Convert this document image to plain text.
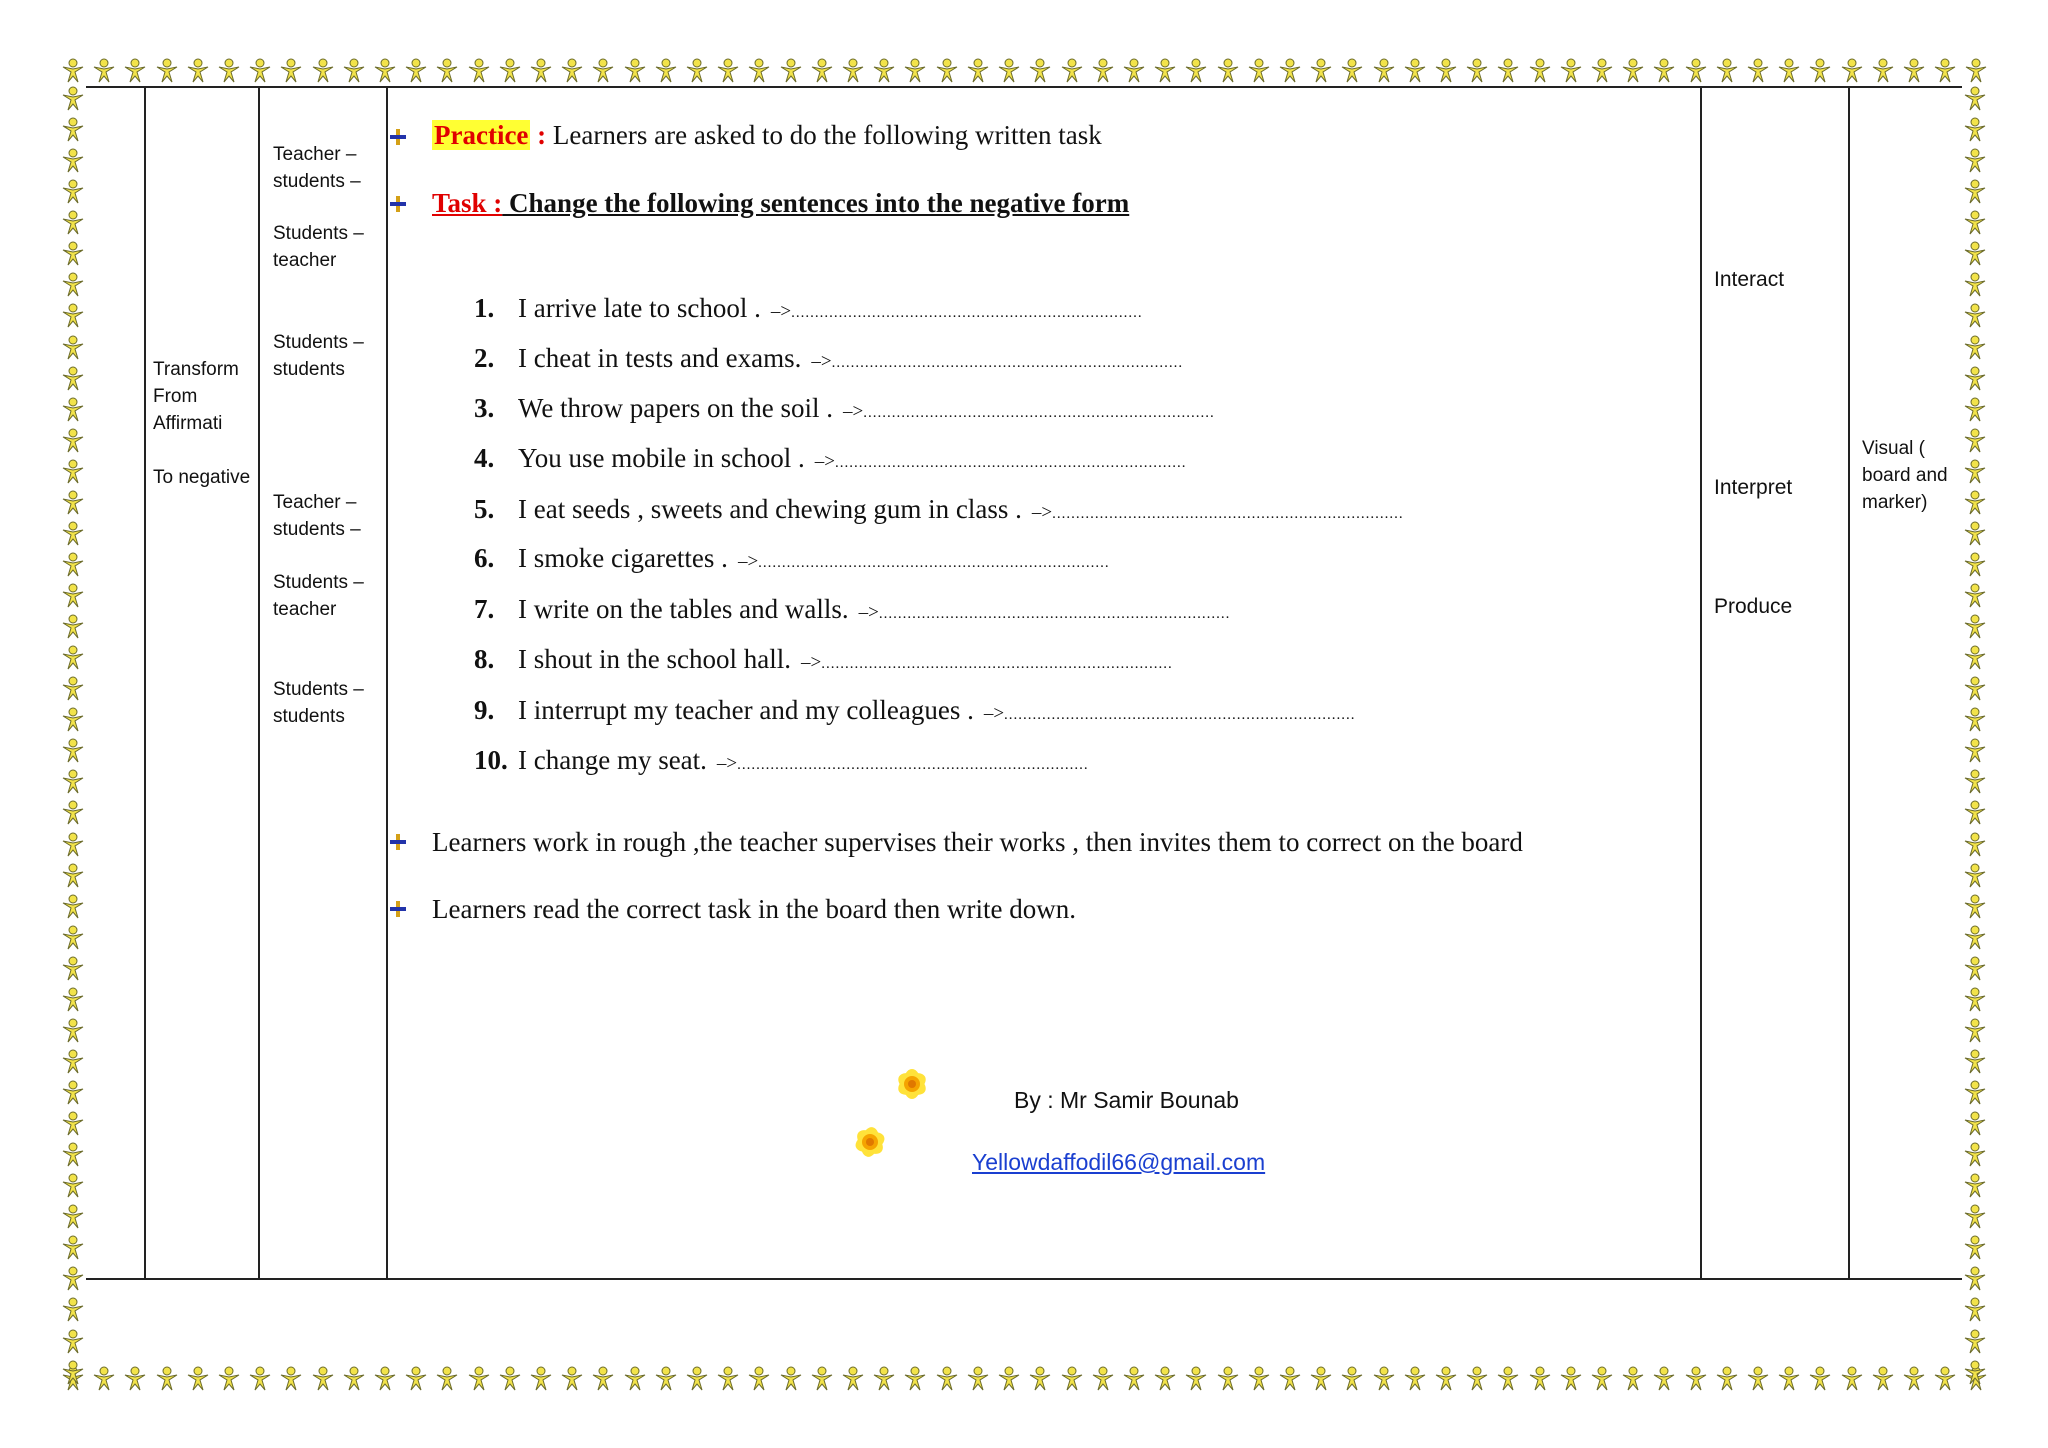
Transform
From
Affirmati
To negative
Teacher –
students –
Students –
teacher
Students –
students
Teacher –
students –
Students –
teacher
Students –
students
Practice : Learners are asked to do the following written task
Task : Change the following sentences into the negative form
1. I arrive late to school . –>..........................................................................
2. I cheat in tests and exams. –>..........................................................................
3. We throw papers on the soil . –>..........................................................................
4. You use mobile in school . –>..........................................................................
5. I eat seeds , sweets and chewing gum in class . –>..........................................................................
6. I smoke cigarettes . –>..........................................................................
7. I write on the tables and walls. –>..........................................................................
8. I shout in the school hall. –>..........................................................................
9. I interrupt my teacher and my colleagues . –>..........................................................................
10. I change my seat. –>..........................................................................
Learners work in rough ,the teacher supervises their works , then invites them to correct on the board
Learners read the correct task in the board then write down.
By : Mr Samir Bounab
Yellowdaffodil66@gmail.com
Interact
Interpret
Produce
Visual (
board and
marker)
